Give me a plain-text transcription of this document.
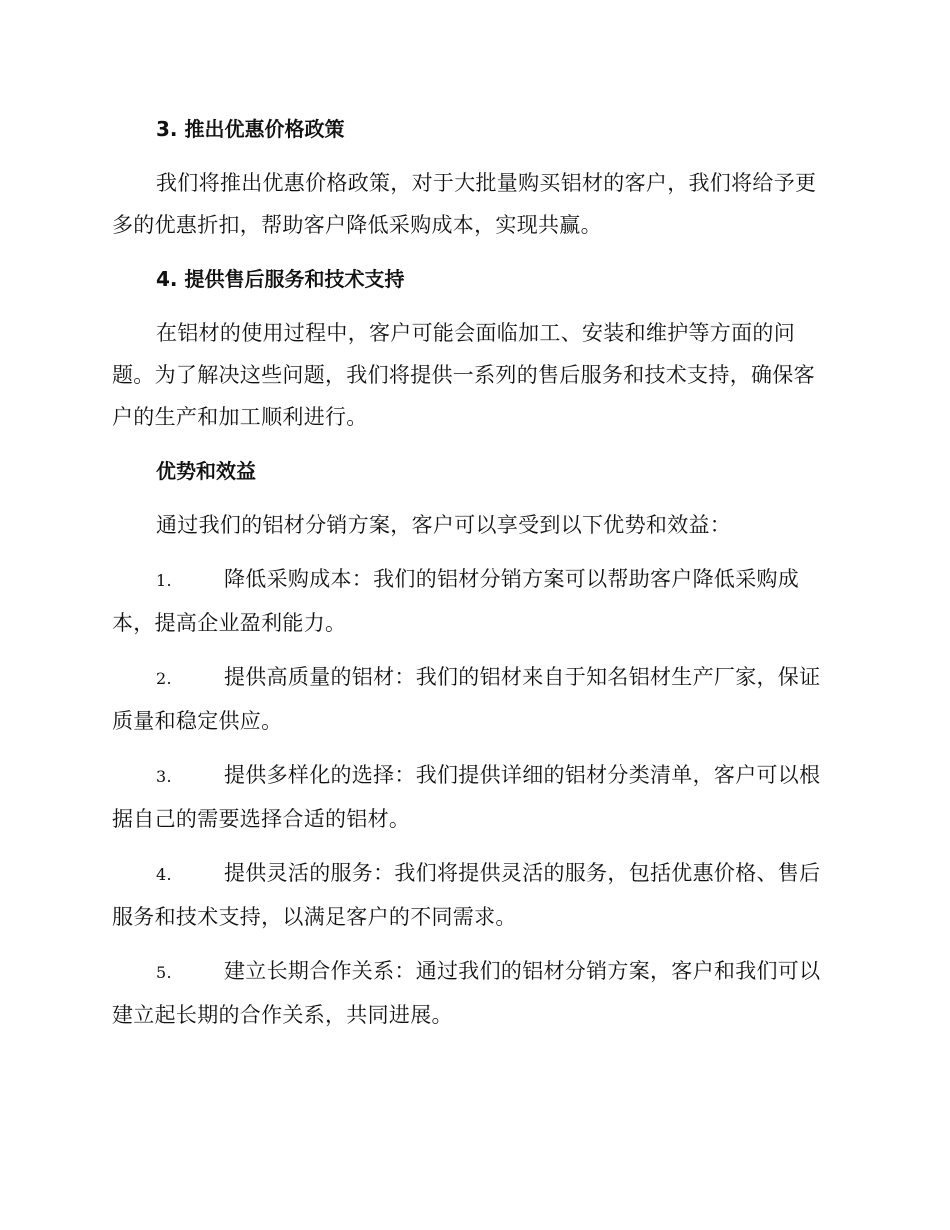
3. 推出优惠价格政策

我们将推出优惠价格政策，对于大批量购买铝材的客户，我们将给予更多的优惠折扣，帮助客户降低采购成本，实现共赢。

4. 提供售后服务和技术支持

在铝材的使用过程中，客户可能会面临加工、安装和维护等方面的问题。为了解决这些问题，我们将提供一系列的售后服务和技术支持，确保客户的生产和加工顺利进行。

优势和效益

通过我们的铝材分销方案，客户可以享受到以下优势和效益：

1. 降低采购成本：我们的铝材分销方案可以帮助客户降低采购成本，提高企业盈利能力。

2. 提供高质量的铝材：我们的铝材来自于知名铝材生产厂家，保证质量和稳定供应。

3. 提供多样化的选择：我们提供详细的铝材分类清单，客户可以根据自己的需要选择合适的铝材。

4. 提供灵活的服务：我们将提供灵活的服务，包括优惠价格、售后服务和技术支持，以满足客户的不同需求。

5. 建立长期合作关系：通过我们的铝材分销方案，客户和我们可以建立起长期的合作关系，共同进展。
